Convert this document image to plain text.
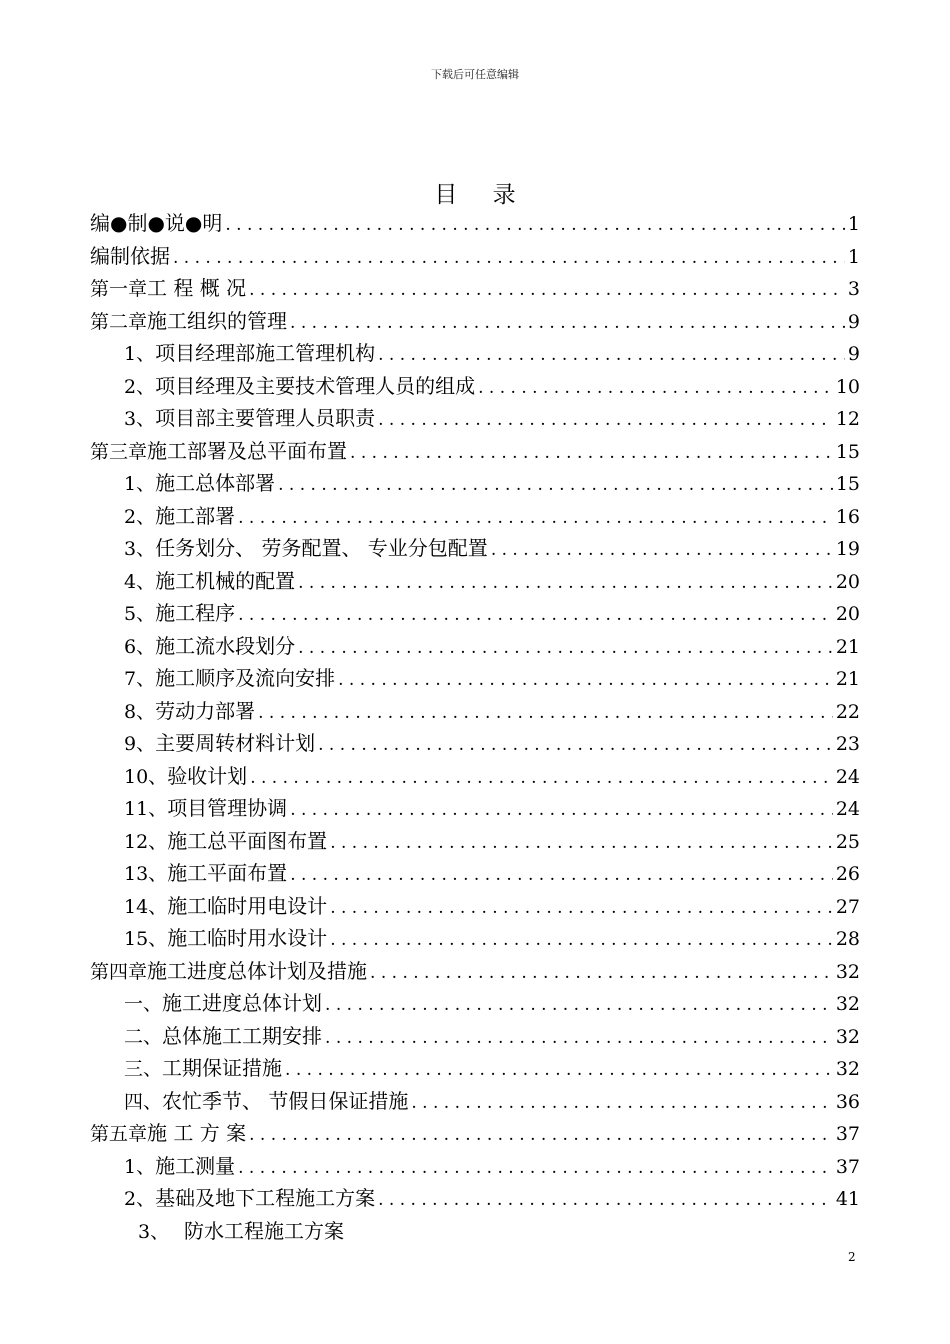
下载后可任意编辑
目 录
编●制●说●明 . . .	1
编制依据 . . .	1
第一章 工 程 概 况 . . .	3
第二章 施工组织的管理 . . .	9
1、 项目经理部施工管理机构 . . .	9
2、 项目经理及主要技术管理人员的组成 . . .	10
3、 项目部主要管理人员职责 . . .	12
第三章 施工部署及总平面布置 . . .	15
1、 施工总体部署 . . .	15
2、 施工部署 . . .	16
3、 任务划分、 劳务配置、 专业分包配置 . . .	19
4、 施工机械的配置 . . .	20
5、 施工程序 . . .	20
6、 施工流水段划分 . . .	21
7、 施工顺序及流向安排 . . .	21
8、 劳动力部署 . . .	22
9、 主要周转材料计划 . . .	23
10、 验收计划 . . .	24
11、 项目管理协调 . . .	24
12、 施工总平面图布置 . . .	25
13、 施工平面布置 . . .	26
14、 施工临时用电设计 . . .	27
15、 施工临时用水设计 . . .	28
第四章 施工进度总体计划及措施 . . .	32
一、 施工进度总体计划 . . .	32
二、 总体施工工期安排 . . .	32
三、 工期保证措施 . . .	32
四、 农忙季节、 节假日保证措施 . . .	36
第五章 施 工 方 案 . . .	37
1、 施工测量 . . .	37
2、 基础及地下工程施工方案 . . .	41
3、 防水工程施工方案
2
